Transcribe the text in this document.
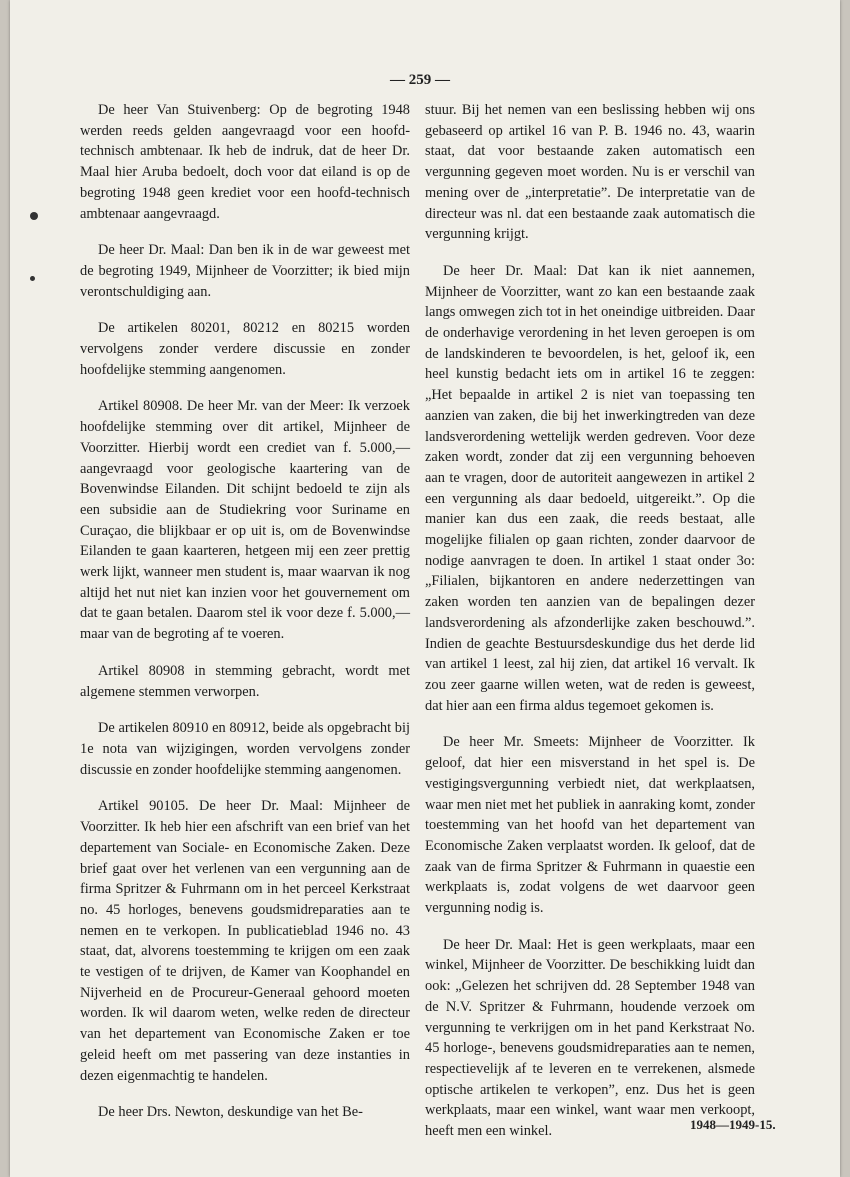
— 259 —

De heer Van Stuivenberg: Op de begroting 1948 werden reeds gelden aangevraagd voor een hoofd-technisch ambtenaar. Ik heb de indruk, dat de heer Dr. Maal hier Aruba bedoelt, doch voor dat eiland is op de begroting 1948 geen krediet voor een hoofd-technisch ambtenaar aangevraagd.

De heer Dr. Maal: Dan ben ik in de war geweest met de begroting 1949, Mijnheer de Voorzitter; ik bied mijn verontschuldiging aan.

De artikelen 80201, 80212 en 80215 worden vervolgens zonder verdere discussie en zonder hoofdelijke stemming aangenomen.

Artikel 80908. De heer Mr. van der Meer: Ik verzoek hoofdelijke stemming over dit artikel, Mijnheer de Voorzitter. Hierbij wordt een crediet van f. 5.000,— aangevraagd voor geologische kaartering van de Bovenwindse Eilanden. Dit schijnt bedoeld te zijn als een subsidie aan de Studiekring voor Suriname en Curaçao, die blijkbaar er op uit is, om de Bovenwindse Eilanden te gaan kaarteren, hetgeen mij een zeer prettig werk lijkt, wanneer men student is, maar waarvan ik nog altijd het nut niet kan inzien voor het gouvernement om dat te gaan betalen. Daarom stel ik voor deze f. 5.000,— maar van de begroting af te voeren.

Artikel 80908 in stemming gebracht, wordt met algemene stemmen verworpen.

De artikelen 80910 en 80912, beide als opgebracht bij 1e nota van wijzigingen, worden vervolgens zonder discussie en zonder hoofdelijke stemming aangenomen.

Artikel 90105. De heer Dr. Maal: Mijnheer de Voorzitter. Ik heb hier een afschrift van een brief van het departement van Sociale- en Economische Zaken. Deze brief gaat over het verlenen van een vergunning aan de firma Spritzer & Fuhrmann om in het perceel Kerkstraat no. 45 horloges, benevens goudsmidreparaties aan te nemen en te verkopen. In publicatieblad 1946 no. 43 staat, dat, alvorens toestemming te krijgen om een zaak te vestigen of te drijven, de Kamer van Koophandel en Nijverheid en de Procureur-Generaal gehoord moeten worden. Ik wil daarom weten, welke reden de directeur van het departement van Economische Zaken er toe geleid heeft om met passering van deze instanties in dezen eigenmachtig te handelen.

De heer Drs. Newton, deskundige van het Be-

stuur. Bij het nemen van een beslissing hebben wij ons gebaseerd op artikel 16 van P. B. 1946 no. 43, waarin staat, dat voor bestaande zaken automatisch een vergunning gegeven moet worden. Nu is er verschil van mening over de „interpretatie”. De interpretatie van de directeur was nl. dat een bestaande zaak automatisch die vergunning krijgt.

De heer Dr. Maal: Dat kan ik niet aannemen, Mijnheer de Voorzitter, want zo kan een bestaande zaak langs omwegen zich tot in het oneindige uitbreiden. Daar de onderhavige verordening in het leven geroepen is om de landskinderen te bevoordelen, is het, geloof ik, een heel kunstig bedacht iets om in artikel 16 te zeggen: „Het bepaalde in artikel 2 is niet van toepassing ten aanzien van zaken, die bij het inwerkingtreden van deze landsverordening wettelijk werden gedreven. Voor deze zaken wordt, zonder dat zij een vergunning behoeven aan te vragen, door de autoriteit aangewezen in artikel 2 een vergunning als daar bedoeld, uitgereikt.”. Op die manier kan dus een zaak, die reeds bestaat, alle mogelijke filialen op gaan richten, zonder daarvoor de nodige aanvragen te doen. In artikel 1 staat onder 3o: „Filialen, bijkantoren en andere nederzettingen van zaken worden ten aanzien van de bepalingen dezer landsverordening als afzonderlijke zaken beschouwd.”. Indien de geachte Bestuursdeskundige dus het derde lid van artikel 1 leest, zal hij zien, dat artikel 16 vervalt. Ik zou zeer gaarne willen weten, wat de reden is geweest, dat hier aan een firma aldus tegemoet gekomen is.

De heer Mr. Smeets: Mijnheer de Voorzitter. Ik geloof, dat hier een misverstand in het spel is. De vestigingsvergunning verbiedt niet, dat werkplaatsen, waar men niet met het publiek in aanraking komt, zonder toestemming van het hoofd van het departement van Economische Zaken verplaatst worden. Ik geloof, dat de zaak van de firma Spritzer & Fuhrmann in quaestie een werkplaats is, zodat volgens de wet daarvoor geen vergunning nodig is.

De heer Dr. Maal: Het is geen werkplaats, maar een winkel, Mijnheer de Voorzitter. De beschikking luidt dan ook: „Gelezen het schrijven dd. 28 September 1948 van de N.V. Spritzer & Fuhrmann, houdende verzoek om vergunning te verkrijgen om in het pand Kerkstraat No. 45 horloge-, benevens goudsmidreparaties aan te nemen, respectievelijk af te leveren en te verrekenen, alsmede optische artikelen te verkopen”, enz. Dus het is geen werkplaats, maar een winkel, want waar men verkoopt, heeft men een winkel.	1948—1949-15.
